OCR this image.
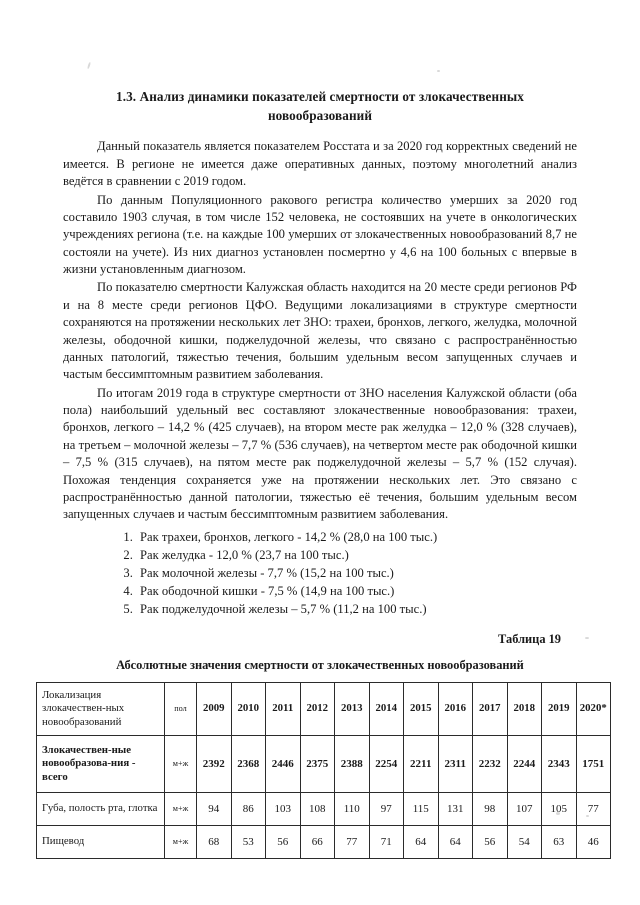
1.3. Анализ динамики показателей смертности от злокачественных новообразований

Данный показатель является показателем Росстата и за 2020 год корректных сведений не имеется. В регионе не имеется даже оперативных данных, поэтому многолетний анализ ведётся в сравнении с 2019 годом.

По данным Популяционного ракового регистра количество умерших за 2020 год составило 1903 случая, в том числе 152 человека, не состоявших на учете в онкологических учреждениях региона (т.е. на каждые 100 умерших от злокачественных новообразований 8,7 не состояли на учете). Из них диагноз установлен посмертно у 4,6 на 100 больных с впервые в жизни установленным диагнозом.

По показателю смертности Калужская область находится на 20 месте среди регионов РФ и на 8 месте среди регионов ЦФО. Ведущими локализациями в структуре смертности сохраняются на протяжении нескольких лет ЗНО: трахеи, бронхов, легкого, желудка, молочной железы, ободочной кишки, поджелудочной железы, что связано с распространённостью данных патологий, тяжестью течения, большим удельным весом запущенных случаев и частым бессимптомным развитием заболевания.

По итогам 2019 года в структуре смертности от ЗНО населения Калужской области (оба пола) наибольший удельный вес составляют злокачественные новообразования: трахеи, бронхов, легкого – 14,2 % (425 случаев), на втором месте рак желудка – 12,0 % (328 случаев), на третьем – молочной железы – 7,7 % (536 случаев), на четвертом месте рак ободочной кишки – 7,5 % (315 случаев), на пятом месте рак поджелудочной железы – 5,7 % (152 случая). Похожая тенденция сохраняется уже на протяжении нескольких лет. Это связано с распространённостью данной патологии, тяжестью её течения, большим удельным весом запущенных случаев и частым бессимптомным развитием заболевания.

1. Рак трахеи, бронхов, легкого - 14,2 % (28,0 на 100 тыс.)
2. Рак желудка - 12,0 % (23,7 на 100 тыс.)
3. Рак молочной железы - 7,7 % (15,2 на 100 тыс.)
4. Рак ободочной кишки - 7,5 % (14,9 на 100 тыс.)
5. Рак поджелудочной железы – 5,7 % (11,2 на 100 тыс.)
Таблица 19
Абсолютные значения смертности от злокачественных новообразований
Локализация злокачествен-ных новообразований	пол	2009	2010	2011	2012	2013	2014	2015	2016	2017	2018	2019	2020*
Злокачествен-ные новообразова-ния - всего	м+ж	2392	2368	2446	2375	2388	2254	2211	2311	2232	2244	2343	1751
Губа, полость рта, глотка	м+ж	94	86	103	108	110	97	115	131	98	107	105	77
Пищевод	м+ж	68	53	56	66	77	71	64	64	56	54	63	46
